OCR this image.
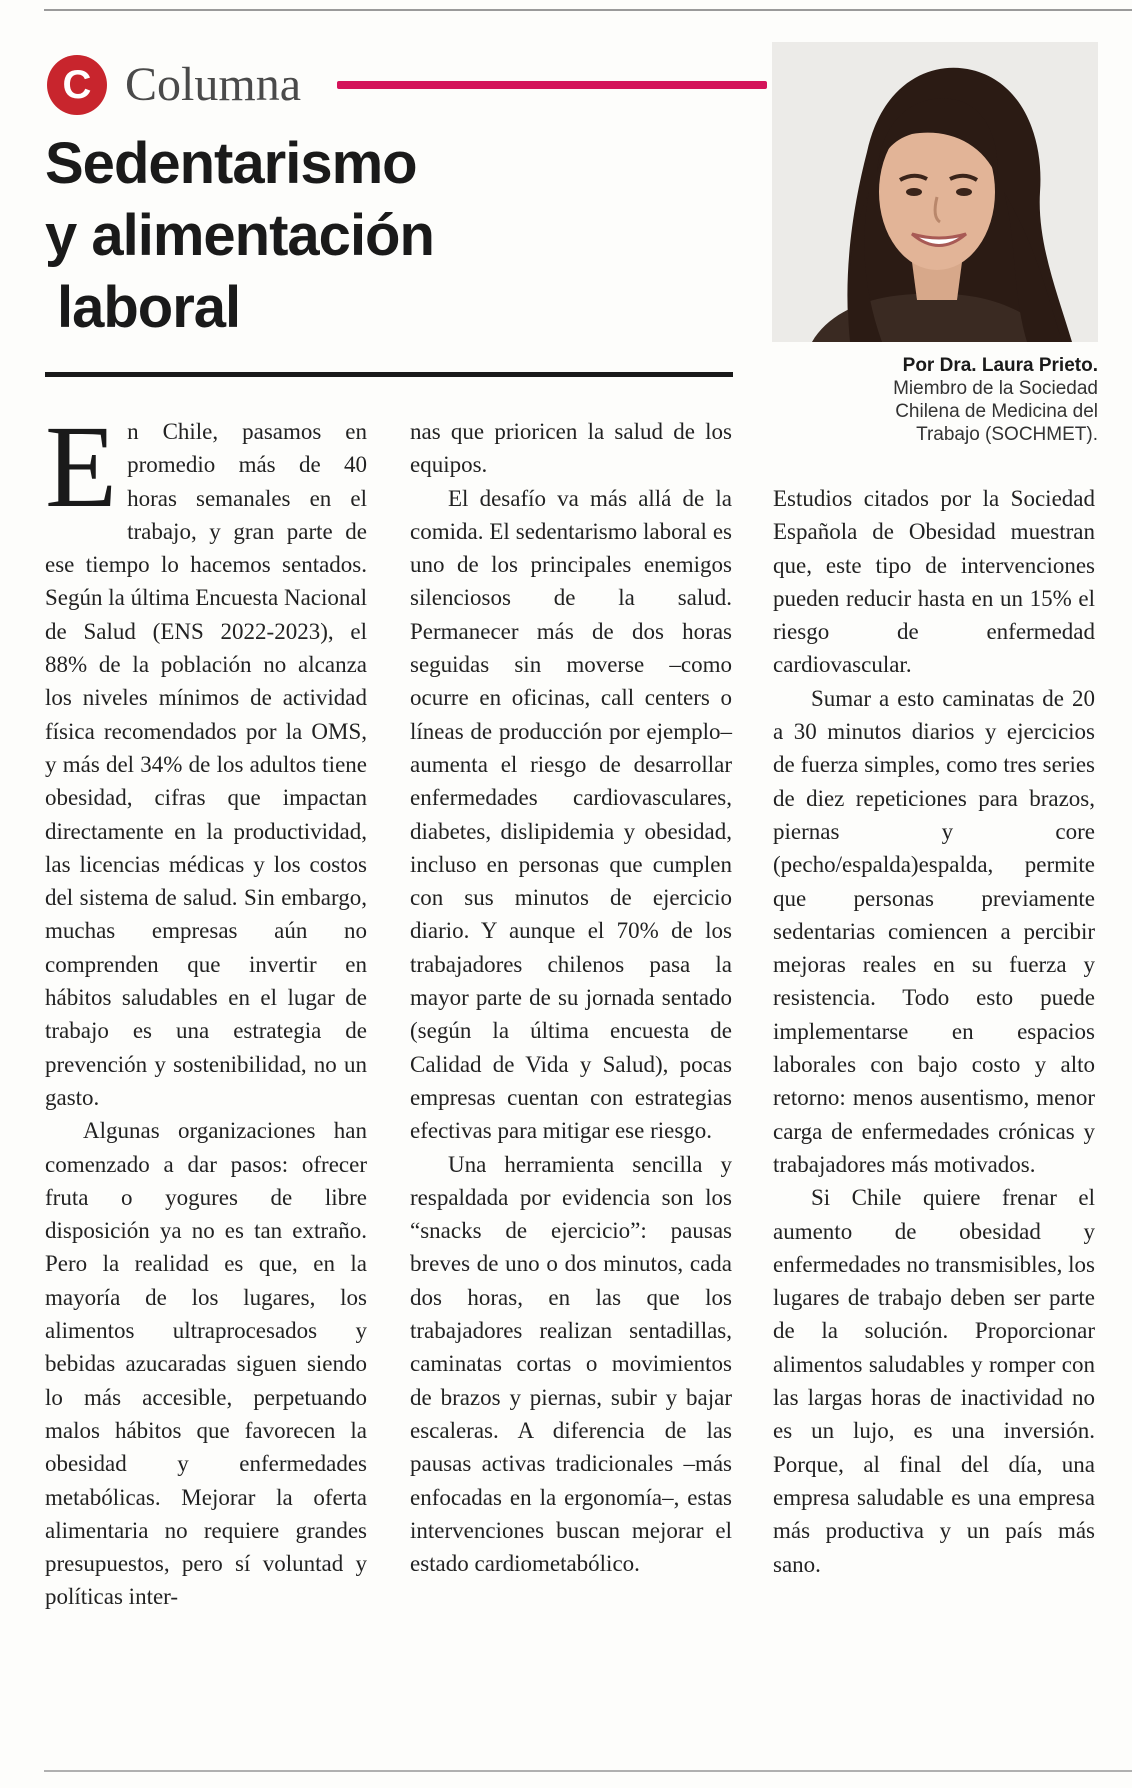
C Columna
Sedentarismo
y alimentación
laboral
Por Dra. Laura Prieto.
Miembro de la Sociedad
Chilena de Medicina del
Trabajo (SOCHMET).

En Chile, pasamos en promedio más de 40 horas semanales en el trabajo, y gran parte de ese tiempo lo hacemos sentados. Según la última Encuesta Nacional de Salud (ENS 2022-2023), el 88% de la población no alcanza los niveles mínimos de actividad física recomendados por la OMS, y más del 34% de los adultos tiene obesidad, cifras que impactan directamente en la productividad, las licencias médicas y los costos del sistema de salud. Sin embargo, muchas empresas aún no comprenden que invertir en hábitos saludables en el lugar de trabajo es una estrategia de prevención y sostenibilidad, no un gasto.

Algunas organizaciones han comenzado a dar pasos: ofrecer fruta o yogures de libre disposición ya no es tan extraño. Pero la realidad es que, en la mayoría de los lugares, los alimentos ultraprocesados y bebidas azucaradas siguen siendo lo más accesible, perpetuando malos hábitos que favorecen la obesidad y enfermedades metabólicas. Mejorar la oferta alimentaria no requiere grandes presupuestos, pero sí voluntad y políticas inter-

nas que prioricen la salud de los equipos.

El desafío va más allá de la comida. El sedentarismo laboral es uno de los principales enemigos silenciosos de la salud. Permanecer más de dos horas seguidas sin moverse –como ocurre en oficinas, call centers o líneas de producción por ejemplo– aumenta el riesgo de desarrollar enfermedades cardiovasculares, diabetes, dislipidemia y obesidad, incluso en personas que cumplen con sus minutos de ejercicio diario. Y aunque el 70% de los trabajadores chilenos pasa la mayor parte de su jornada sentado (según la última encuesta de Calidad de Vida y Salud), pocas empresas cuentan con estrategias efectivas para mitigar ese riesgo.

Una herramienta sencilla y respaldada por evidencia son los “snacks de ejercicio”: pausas breves de uno o dos minutos, cada dos horas, en las que los trabajadores realizan sentadillas, caminatas cortas o movimientos de brazos y piernas, subir y bajar escaleras. A diferencia de las pausas activas tradicionales –más enfocadas en la ergonomía–, estas intervenciones buscan mejorar el estado cardiometabólico.

Estudios citados por la Sociedad Española de Obesidad muestran que, este tipo de intervenciones pueden reducir hasta en un 15% el riesgo de enfermedad cardiovascular.

Sumar a esto caminatas de 20 a 30 minutos diarios y ejercicios de fuerza simples, como tres series de diez repeticiones para brazos, piernas y core (pecho/espalda)espalda, permite que personas previamente sedentarias comiencen a percibir mejoras reales en su fuerza y resistencia. Todo esto puede implementarse en espacios laborales con bajo costo y alto retorno: menos ausentismo, menor carga de enfermedades crónicas y trabajadores más motivados.

Si Chile quiere frenar el aumento de obesidad y enfermedades no transmisibles, los lugares de trabajo deben ser parte de la solución. Proporcionar alimentos saludables y romper con las largas horas de inactividad no es un lujo, es una inversión. Porque, al final del día, una empresa saludable es una empresa más productiva y un país más sano.
